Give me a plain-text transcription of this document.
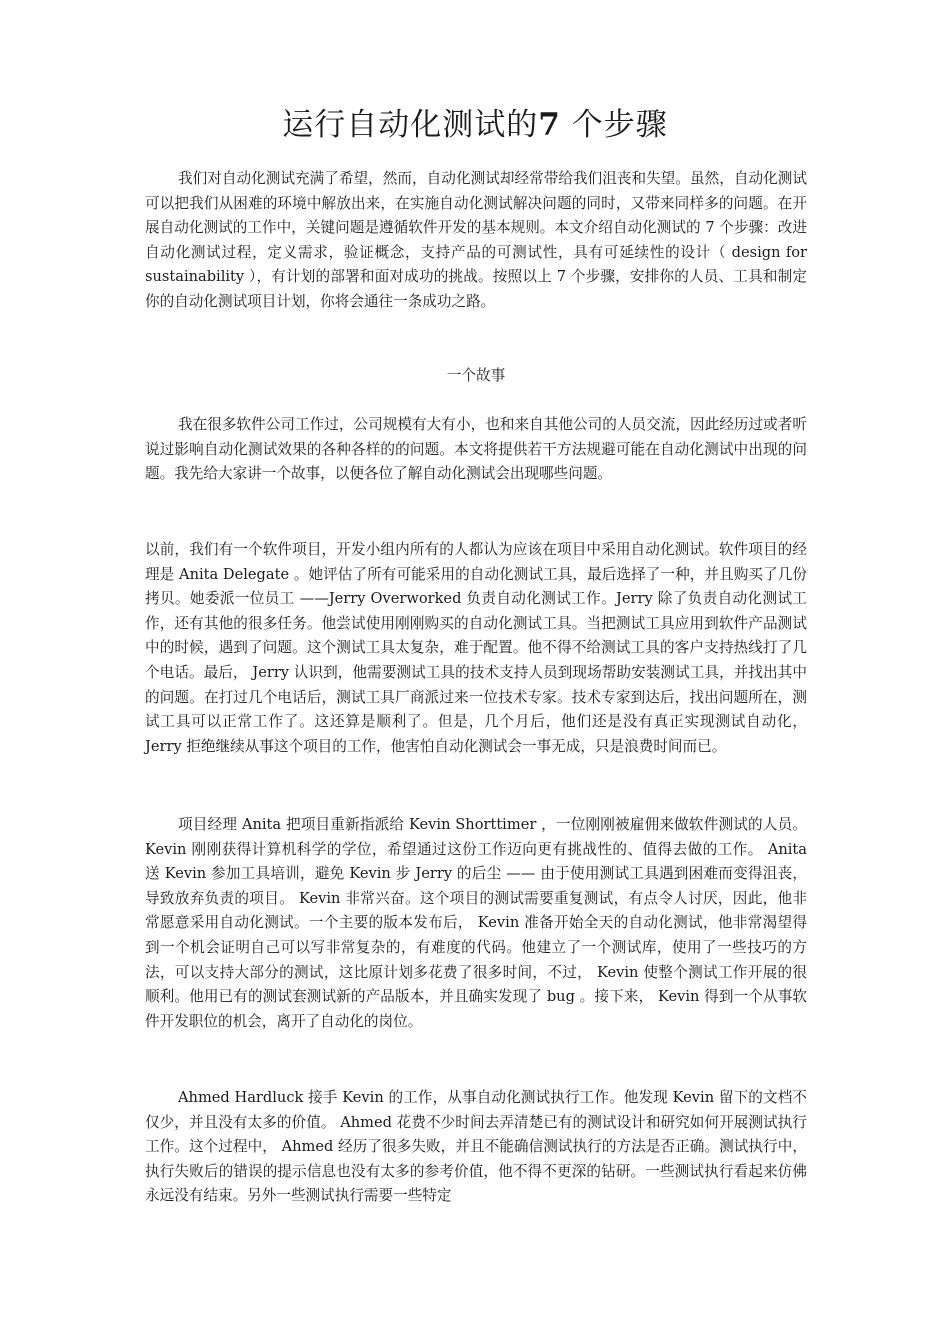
运行自动化测试的7 个步骤

我们对自动化测试充满了希望，然而，自动化测试却经常带给我们沮丧和失望。虽然，自动化测试可以把我们从困难的环境中解放出来，在实施自动化测试解决问题的同时，又带来同样多的问题。在开展自动化测试的工作中，关键问题是遵循软件开发的基本规则。本文介绍自动化测试的 7 个步骤：改进自动化测试过程，定义需求，验证概念，支持产品的可测试性，具有可延续性的设计（ design for sustainability ），有计划的部署和面对成功的挑战。按照以上 7 个步骤，安排你的人员、工具和制定你的自动化测试项目计划，你将会通往一条成功之路。

一个故事

我在很多软件公司工作过，公司规模有大有小，也和来自其他公司的人员交流，因此经历过或者听说过影响自动化测试效果的各种各样的的问题。本文将提供若干方法规避可能在自动化测试中出现的问题。我先给大家讲一个故事，以便各位了解自动化测试会出现哪些问题。

以前，我们有一个软件项目，开发小组内所有的人都认为应该在项目中采用自动化测试。软件项目的经理是 Anita Delegate 。她评估了所有可能采用的自动化测试工具，最后选择了一种，并且购买了几份拷贝。她委派一位员工 ——Jerry Overworked 负责自动化测试工作。Jerry 除了负责自动化测试工作，还有其他的很多任务。他尝试使用刚刚购买的自动化测试工具。当把测试工具应用到软件产品测试中的时候，遇到了问题。这个测试工具太复杂，难于配置。他不得不给测试工具的客户支持热线打了几个电话。最后， Jerry 认识到，他需要测试工具的技术支持人员到现场帮助安装测试工具，并找出其中的问题。在打过几个电话后，测试工具厂商派过来一位技术专家。技术专家到达后，找出问题所在，测试工具可以正常工作了。这还算是顺利了。但是，几个月后，他们还是没有真正实现测试自动化， Jerry 拒绝继续从事这个项目的工作，他害怕自动化测试会一事无成，只是浪费时间而已。

项目经理 Anita 把项目重新指派给 Kevin Shorttimer ，一位刚刚被雇佣来做软件测试的人员。 Kevin 刚刚获得计算机科学的学位，希望通过这份工作迈向更有挑战性的、值得去做的工作。 Anita 送 Kevin 参加工具培训，避免 Kevin 步 Jerry 的后尘 —— 由于使用测试工具遇到困难而变得沮丧，导致放弃负责的项目。 Kevin 非常兴奋。这个项目的测试需要重复测试，有点令人讨厌，因此，他非常愿意采用自动化测试。一个主要的版本发布后， Kevin 准备开始全天的自动化测试，他非常渴望得到一个机会证明自己可以写非常复杂的，有难度的代码。他建立了一个测试库，使用了一些技巧的方法，可以支持大部分的测试，这比原计划多花费了很多时间，不过， Kevin 使整个测试工作开展的很顺利。他用已有的测试套测试新的产品版本，并且确实发现了 bug 。接下来， Kevin 得到一个从事软件开发职位的机会，离开了自动化的岗位。

Ahmed Hardluck 接手 Kevin 的工作，从事自动化测试执行工作。他发现 Kevin 留下的文档不仅少，并且没有太多的价值。 Ahmed 花费不少时间去弄清楚已有的测试设计和研究如何开展测试执行工作。这个过程中， Ahmed 经历了很多失败，并且不能确信测试执行的方法是否正确。测试执行中，执行失败后的错误的提示信息也没有太多的参考价值，他不得不更深的钻研。一些测试执行看起来仿佛永远没有结束。另外一些测试执行需要一些特定
